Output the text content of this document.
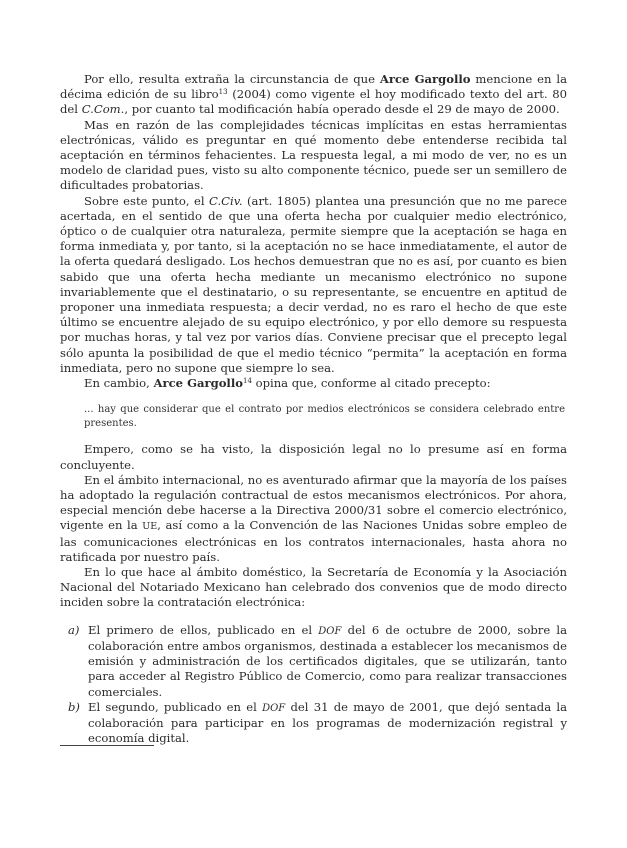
Por ello, resulta extraña la circunstancia de que Arce Gargollo mencione en la décima edición de su libro$^{13}$ (2004) como vigente el hoy modificado texto del art. 80 del C.Com., por cuanto tal modificación había operado desde el 29 de mayo de 2000.

Mas en razón de las complejidades técnicas implícitas en estas herramientas electrónicas, válido es preguntar en qué momento debe entenderse recibida tal aceptación en términos fehacientes. La respuesta legal, a mi modo de ver, no es un modelo de claridad pues, visto su alto componente técnico, puede ser un semillero de dificultades probatorias.

Sobre este punto, el C.Civ. (art. 1805) plantea una presunción que no me parece acertada, en el sentido de que una oferta hecha por cualquier medio electrónico, óptico o de cualquier otra naturaleza, permite siempre que la aceptación se haga en forma inmediata y, por tanto, si la aceptación no se hace inmediatamente, el autor de la oferta quedará desligado. Los hechos demuestran que no es así, por cuanto es bien sabido que una oferta hecha mediante un mecanismo electrónico no supone invariablemente que el destinatario, o su representante, se encuentre en aptitud de proponer una inmediata respuesta; a decir verdad, no es raro el hecho de que este último se encuentre alejado de su equipo electrónico, y por ello demore su respuesta por muchas horas, y tal vez por varios días. Conviene precisar que el precepto legal sólo apunta la posibilidad de que el medio técnico “permita” la aceptación en forma inmediata, pero no supone que siempre lo sea.

En cambio, Arce Gargollo$^{14}$ opina que, conforme al citado precepto:

... hay que considerar que el contrato por medios electrónicos se considera celebrado entre presentes.

Empero, como se ha visto, la disposición legal no lo presume así en forma concluyente.

En el ámbito internacional, no es aventurado afirmar que la mayoría de los países ha adoptado la regulación contractual de estos mecanismos electrónicos. Por ahora, especial mención debe hacerse a la Directiva 2000/31 sobre el comercio electrónico, vigente en la UE, así como a la Convención de las Naciones Unidas sobre empleo de las comunicaciones electrónicas en los contratos internacionales, hasta ahora no ratificada por nuestro país.

En lo que hace al ámbito doméstico, la Secretaría de Economía y la Asociación Nacional del Notariado Mexicano han celebrado dos convenios que de modo directo inciden sobre la contratación electrónica:

a) El primero de ellos, publicado en el DOF del 6 de octubre de 2000, sobre la colaboración entre ambos organismos, destinada a establecer los mecanismos de emisión y administración de los certificados digitales, que se utilizarán, tanto para acceder al Registro Público de Comercio, como para realizar transacciones comerciales.
b) El segundo, publicado en el DOF del 31 de mayo de 2001, que dejó sentada la colaboración para participar en los programas de modernización registral y economía digital.
